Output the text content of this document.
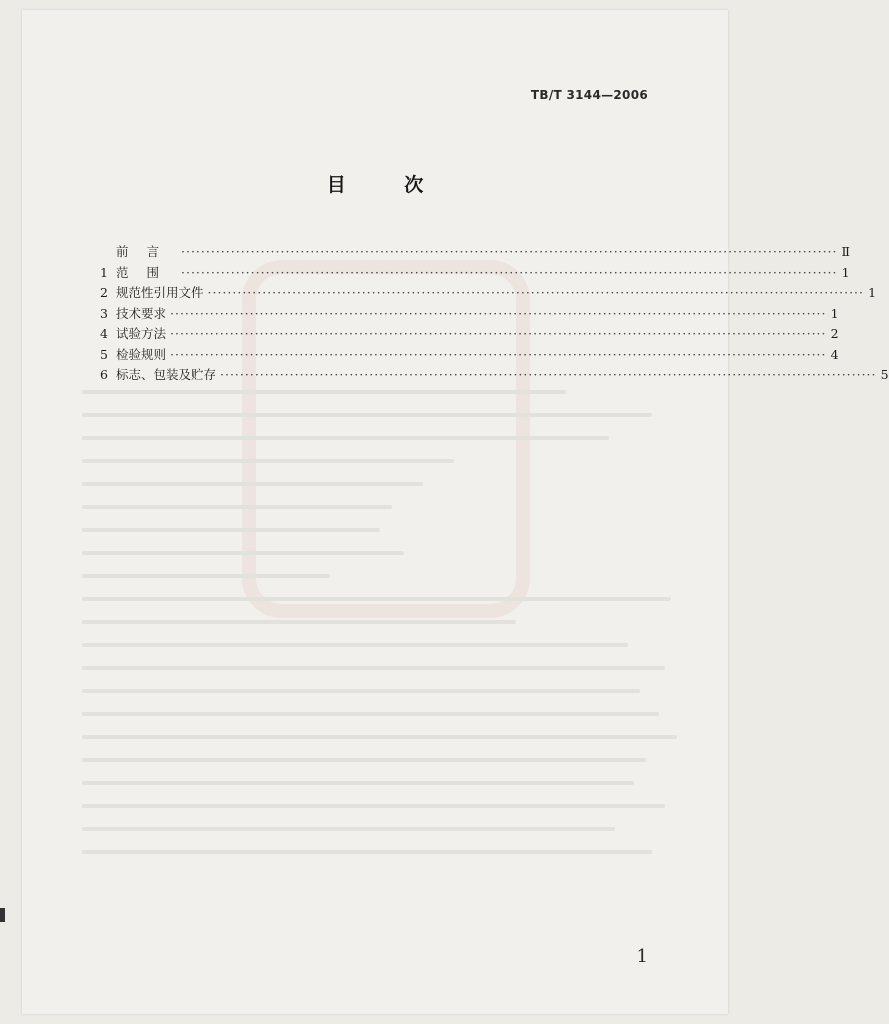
TB/T 3144—2006
目 次
前言 ···································································································································· Ⅱ
1 范围 ···································································································································· 1
2 规范性引用文件 ···································································································································· 1
3 技术要求 ···································································································································· 1
4 试验方法 ···································································································································· 2
5 检验规则 ···································································································································· 4
6 标志、包装及贮存 ···································································································································· 5
1
